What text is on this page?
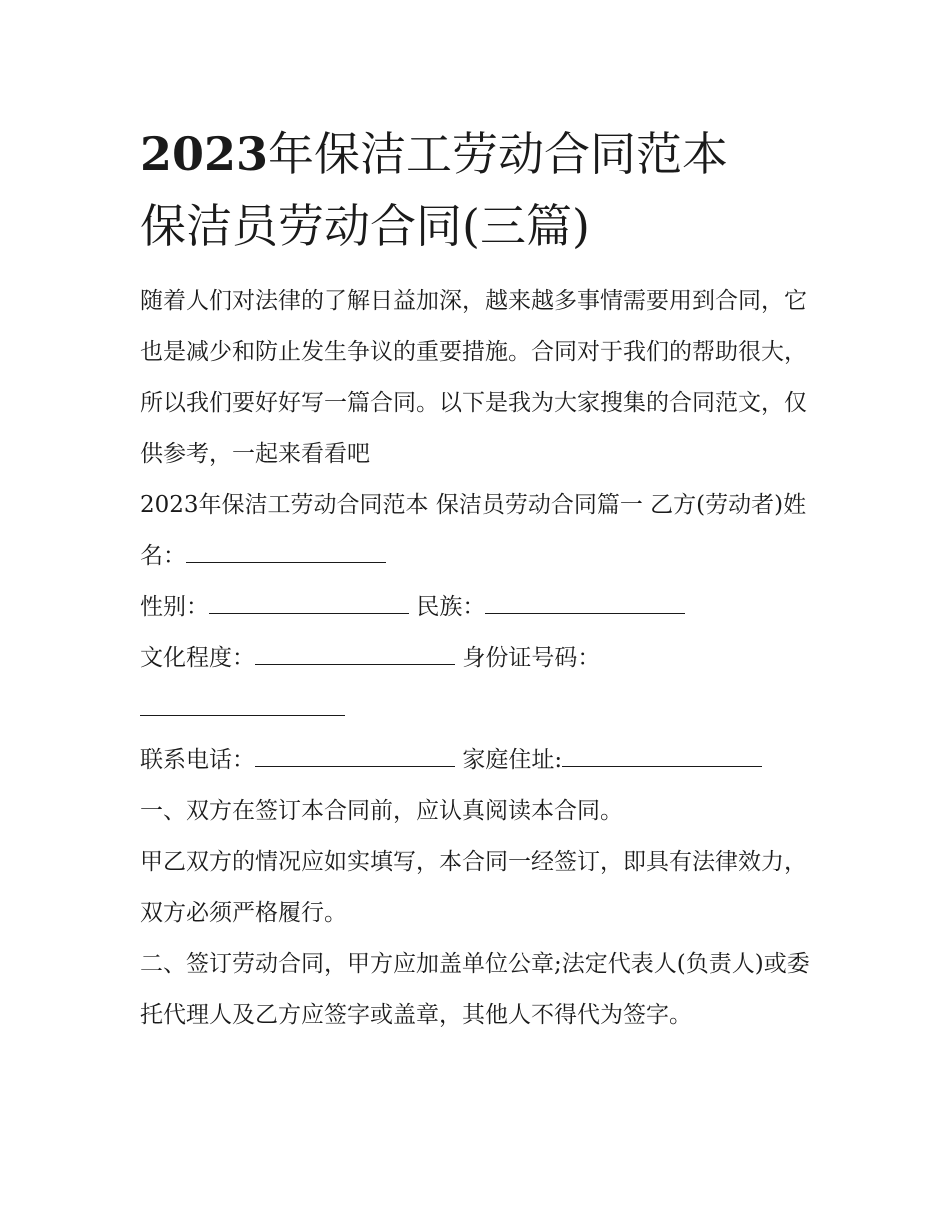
2023年保洁工劳动合同范本
保洁员劳动合同(三篇)

随着人们对法律的了解日益加深，越来越多事情需要用到合同，它也是减少和防止发生争议的重要措施。合同对于我们的帮助很大，所以我们要好好写一篇合同。以下是我为大家搜集的合同范文，仅供参考，一起来看看吧

2023年保洁工劳动合同范本 保洁员劳动合同篇一 乙方(劳动者)姓名：

性别：	民族：

文化程度：	身份证号码：

联系电话：	家庭住址:

一、双方在签订本合同前，应认真阅读本合同。

甲乙双方的情况应如实填写，本合同一经签订，即具有法律效力，双方必须严格履行。

二、签订劳动合同，甲方应加盖单位公章;法定代表人(负责人)或委托代理人及乙方应签字或盖章，其他人不得代为签字。
